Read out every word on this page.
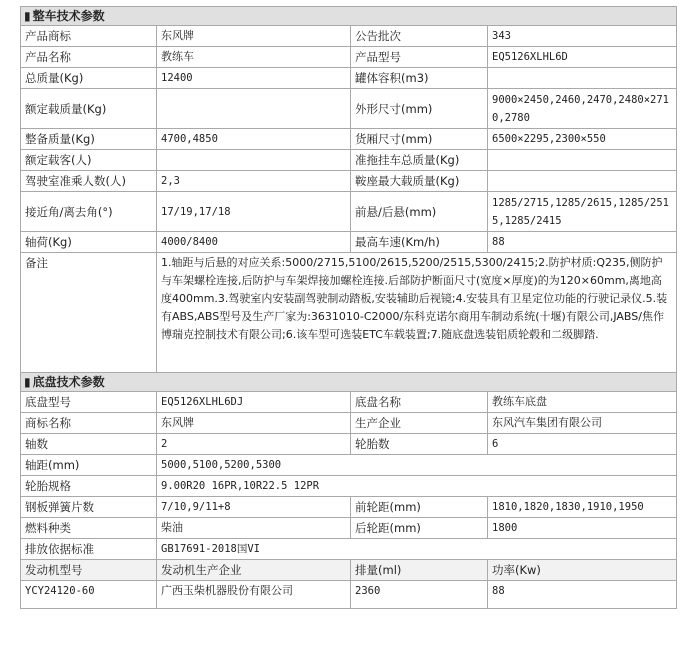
▮ 整车技术参数			
产品商标	东风牌	公告批次	343
产品名称	教练车	产品型号	EQ5126XLHL6D
总质量(Kg)	12400	罐体容积(m3)	
额定载质量(Kg)		外形尺寸(mm)	9000×2450,2460,2470,2480×2710,2780
整备质量(Kg)	4700,4850	货厢尺寸(mm)	6500×2295,2300×550
额定载客(人)		准拖挂车总质量(Kg)	
驾驶室准乘人数(人)	2,3	鞍座最大载质量(Kg)	
接近角/离去角(°)	17/19,17/18	前悬/后悬(mm)	1285/2715,1285/2615,1285/2515,1285/2415
轴荷(Kg)	4000/8400	最高车速(Km/h)	88
备注	1.轴距与后悬的对应关系:5000/2715,5100/2615,5200/2515,5300/2415;2.防护材质:Q235,侧防护与车架螺栓连接,后防护与车架焊接加螺栓连接.后部防护断面尺寸(宽度×厚度)的为120×60mm,离地高度400mm.3.驾驶室内安装副驾驶制动踏板,安装辅助后视镜;4.安装具有卫星定位功能的行驶记录仪.5.装有ABS,ABS型号及生产厂家为:3631010-C2000/东科克诺尔商用车制动系统(十堰)有限公司,JABS/焦作博瑞克控制技术有限公司;6.该车型可选装ETC车载装置;7.随底盘选装铝质轮毂和二级脚踏.		
▮ 底盘技术参数			
底盘型号	EQ5126XLHL6DJ	底盘名称	教练车底盘
商标名称	东风牌	生产企业	东风汽车集团有限公司
轴数	2	轮胎数	6
轴距(mm)	5000,5100,5200,5300		
轮胎规格	9.00R20 16PR,10R22.5 12PR		
钢板弹簧片数	7/10,9/11+8	前轮距(mm)	1810,1820,1830,1910,1950
燃料种类	柴油	后轮距(mm)	1800
排放依据标准	GB17691-2018国VI		
发动机型号	发动机生产企业	排量(ml)	功率(Kw)
YCY24120-60	广西玉柴机器股份有限公司	2360	88
